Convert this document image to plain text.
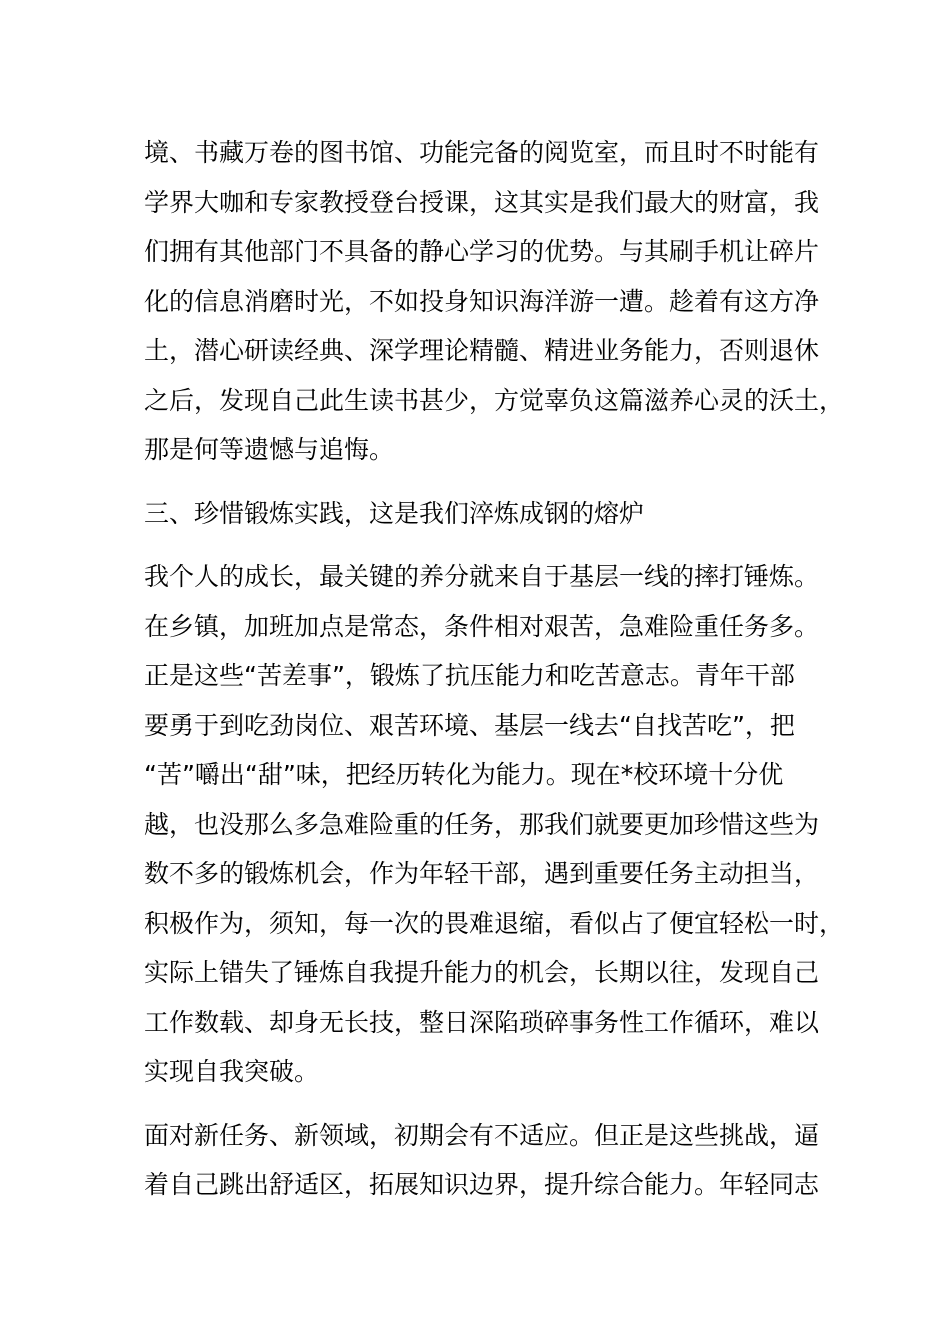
境、书藏万卷的图书馆、功能完备的阅览室，而且时不时能有
学界大咖和专家教授登台授课，这其实是我们最大的财富，我
们拥有其他部门不具备的静心学习的优势。与其刷手机让碎片
化的信息消磨时光，不如投身知识海洋游一遭。趁着有这方净
土，潜心研读经典、深学理论精髓、精进业务能力，否则退休
之后，发现自己此生读书甚少，方觉辜负这篇滋养心灵的沃土，
那是何等遗憾与追悔。

三、珍惜锻炼实践，这是我们淬炼成钢的熔炉

我个人的成长，最关键的养分就来自于基层一线的摔打锤炼。
在乡镇，加班加点是常态，条件相对艰苦，急难险重任务多。
正是这些“苦差事”，锻炼了抗压能力和吃苦意志。青年干部
要勇于到吃劲岗位、艰苦环境、基层一线去“自找苦吃”，把
“苦”嚼出“甜”味，把经历转化为能力。现在*校环境十分优
越，也没那么多急难险重的任务，那我们就要更加珍惜这些为
数不多的锻炼机会，作为年轻干部，遇到重要任务主动担当，
积极作为，须知，每一次的畏难退缩，看似占了便宜轻松一时，
实际上错失了锤炼自我提升能力的机会，长期以往，发现自己
工作数载、却身无长技，整日深陷琐碎事务性工作循环，难以
实现自我突破。

面对新任务、新领域，初期会有不适应。但正是这些挑战，逼
着自己跳出舒适区，拓展知识边界，提升综合能力。年轻同志
